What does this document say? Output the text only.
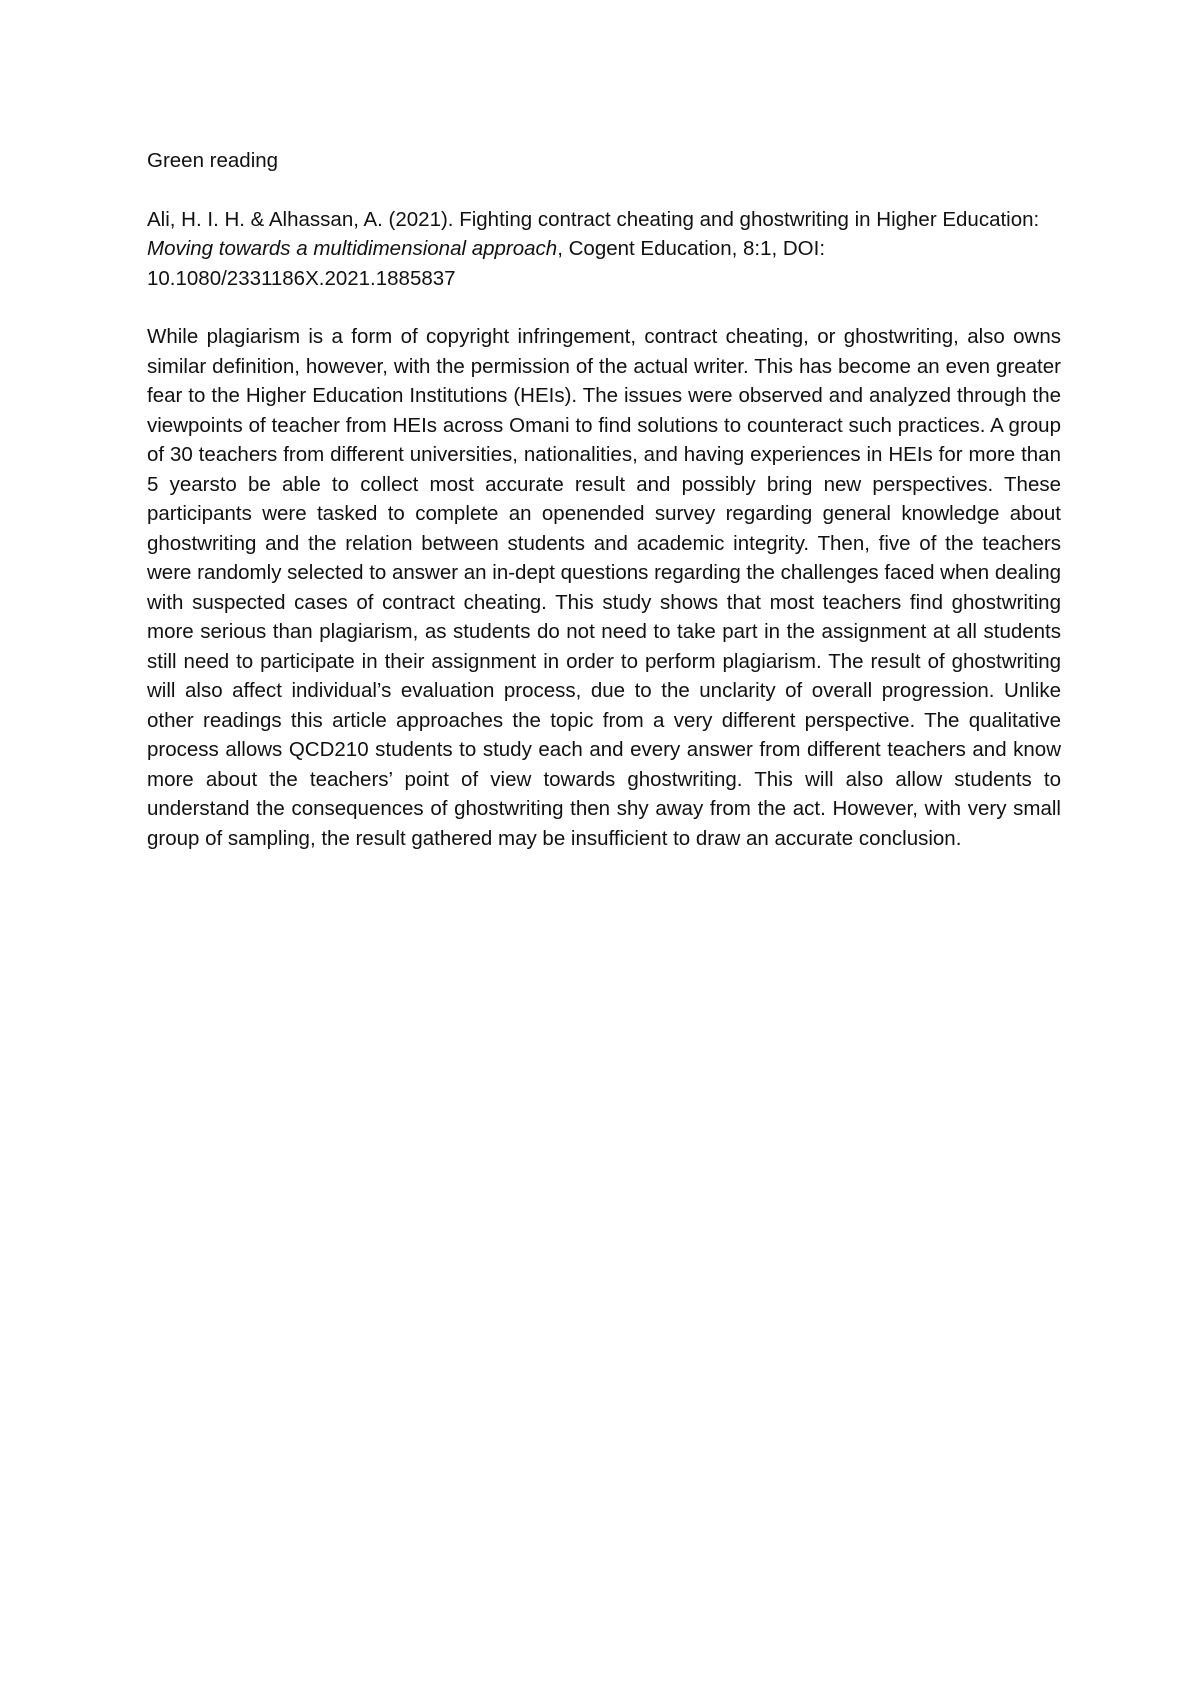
Green reading

Ali, H. I. H. & Alhassan, A. (2021). Fighting contract cheating and ghostwriting in Higher Education: Moving towards a multidimensional approach, Cogent Education, 8:1, DOI: 10.1080/2331186X.2021.1885837

While plagiarism is a form of copyright infringement, contract cheating, or ghostwriting, also owns similar definition, however, with the permission of the actual writer. This has become an even greater fear to the Higher Education Institutions (HEIs). The issues were observed and analyzed through the viewpoints of teacher from HEIs across Omani to find solutions to counteract such practices. A group of 30 teachers from different universities, nationalities, and having experiences in HEIs for more than 5 yearsto be able to collect most accurate result and possibly bring new perspectives. These participants were tasked to complete an openended survey regarding general knowledge about ghostwriting and the relation between students and academic integrity. Then, five of the teachers were randomly selected to answer an in-dept questions regarding the challenges faced when dealing with suspected cases of contract cheating. This study shows that most teachers find ghostwriting more serious than plagiarism, as students do not need to take part in the assignment at all students still need to participate in their assignment in order to perform plagiarism. The result of ghostwriting will also affect individual’s evaluation process, due to the unclarity of overall progression. Unlike other readings this article approaches the topic from a very different perspective. The qualitative process allows QCD210 students to study each and every answer from different teachers and know more about the teachers’ point of view towards ghostwriting. This will also allow students to understand the consequences of ghostwriting then shy away from the act. However, with very small group of sampling, the result gathered may be insufficient to draw an accurate conclusion.
